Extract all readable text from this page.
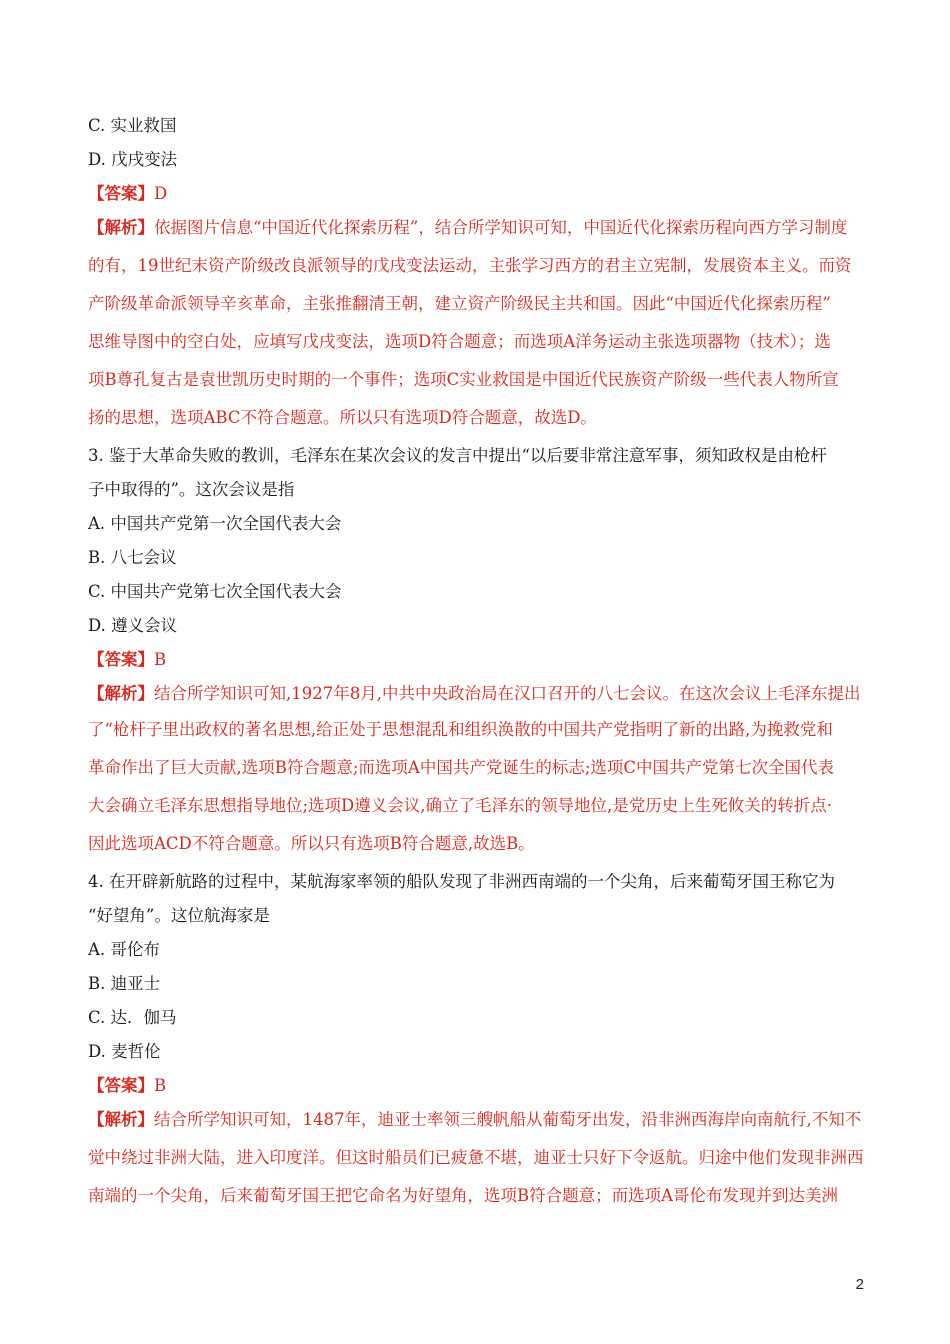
C. 实业救国
D. 戊戌变法
【答案】D
【解析】依据图片信息“中国近代化探索历程”，结合所学知识可知，中国近代化探索历程向西方学习制度
的有，19世纪末资产阶级改良派领导的戊戌变法运动，主张学习西方的君主立宪制，发展资本主义。而资
产阶级革命派领导辛亥革命，主张推翻清王朝，建立资产阶级民主共和国。因此“中国近代化探索历程”
思维导图中的空白处，应填写戊戌变法，选项D符合题意；而选项A洋务运动主张选项器物（技术）；选
项B尊孔复古是袁世凯历史时期的一个事件；选项C实业救国是中国近代民族资产阶级一些代表人物所宣
扬的思想，选项ABC不符合题意。所以只有选项D符合题意，故选D。
3. 鉴于大革命失败的教训，毛泽东在某次会议的发言中提出“以后要非常注意军事，须知政权是由枪杆
子中取得的”。这次会议是指
A. 中国共产党第一次全国代表大会
B. 八七会议
C. 中国共产党第七次全国代表大会
D. 遵义会议
【答案】B
【解析】结合所学知识可知,1927年8月,中共中央政治局在汉口召开的八七会议。在这次会议上毛泽东提出
了“枪杆子里出政权的著名思想,给正处于思想混乱和组织涣散的中国共产党指明了新的出路,为挽救党和
革命作出了巨大贡献,选项B符合题意;而选项A中国共产党诞生的标志;选项C中国共产党第七次全国代表
大会确立毛泽东思想指导地位;选项D遵义会议,确立了毛泽东的领导地位,是党历史上生死攸关的转折点·
因此选项ACD不符合题意。所以只有选项B符合题意,故选B。
4. 在开辟新航路的过程中，某航海家率领的船队发现了非洲西南端的一个尖角，后来葡萄牙国王称它为
“好望角”。这位航海家是
A. 哥伦布
B. 迪亚士
C. 达．伽马
D. 麦哲伦
【答案】B
【解析】结合所学知识可知，1487年，迪亚士率领三艘帆船从葡萄牙出发，沿非洲西海岸向南航行,不知不
觉中绕过非洲大陆，进入印度洋。但这时船员们已疲惫不堪，迪亚士只好下令返航。归途中他们发现非洲西
南端的一个尖角，后来葡萄牙国王把它命名为好望角，选项B符合题意；而选项A哥伦布发现并到达美洲
2
